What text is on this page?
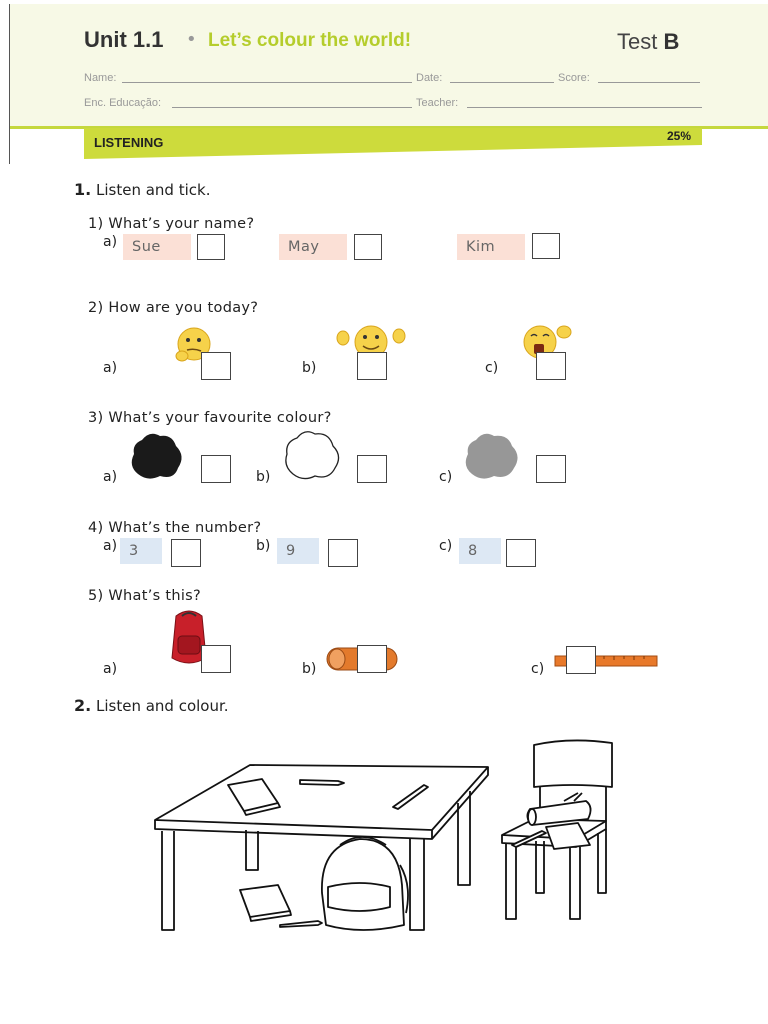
Unit 1.1 • Let’s colour the world!	Test B
Name:	Date:	Score:
Enc. Educação:	Teacher:
LISTENING	25%
1. Listen and tick.
1) What’s your name?
a)	Sue	May	Kim
2) How are you today?
a)	b)	c)
3) What’s your favourite colour?
a)	b)	c)
4) What’s the number?
a) 3	b)	9	c)	8
5) What’s this?
a)	b)	c)
2. Listen and colour.
